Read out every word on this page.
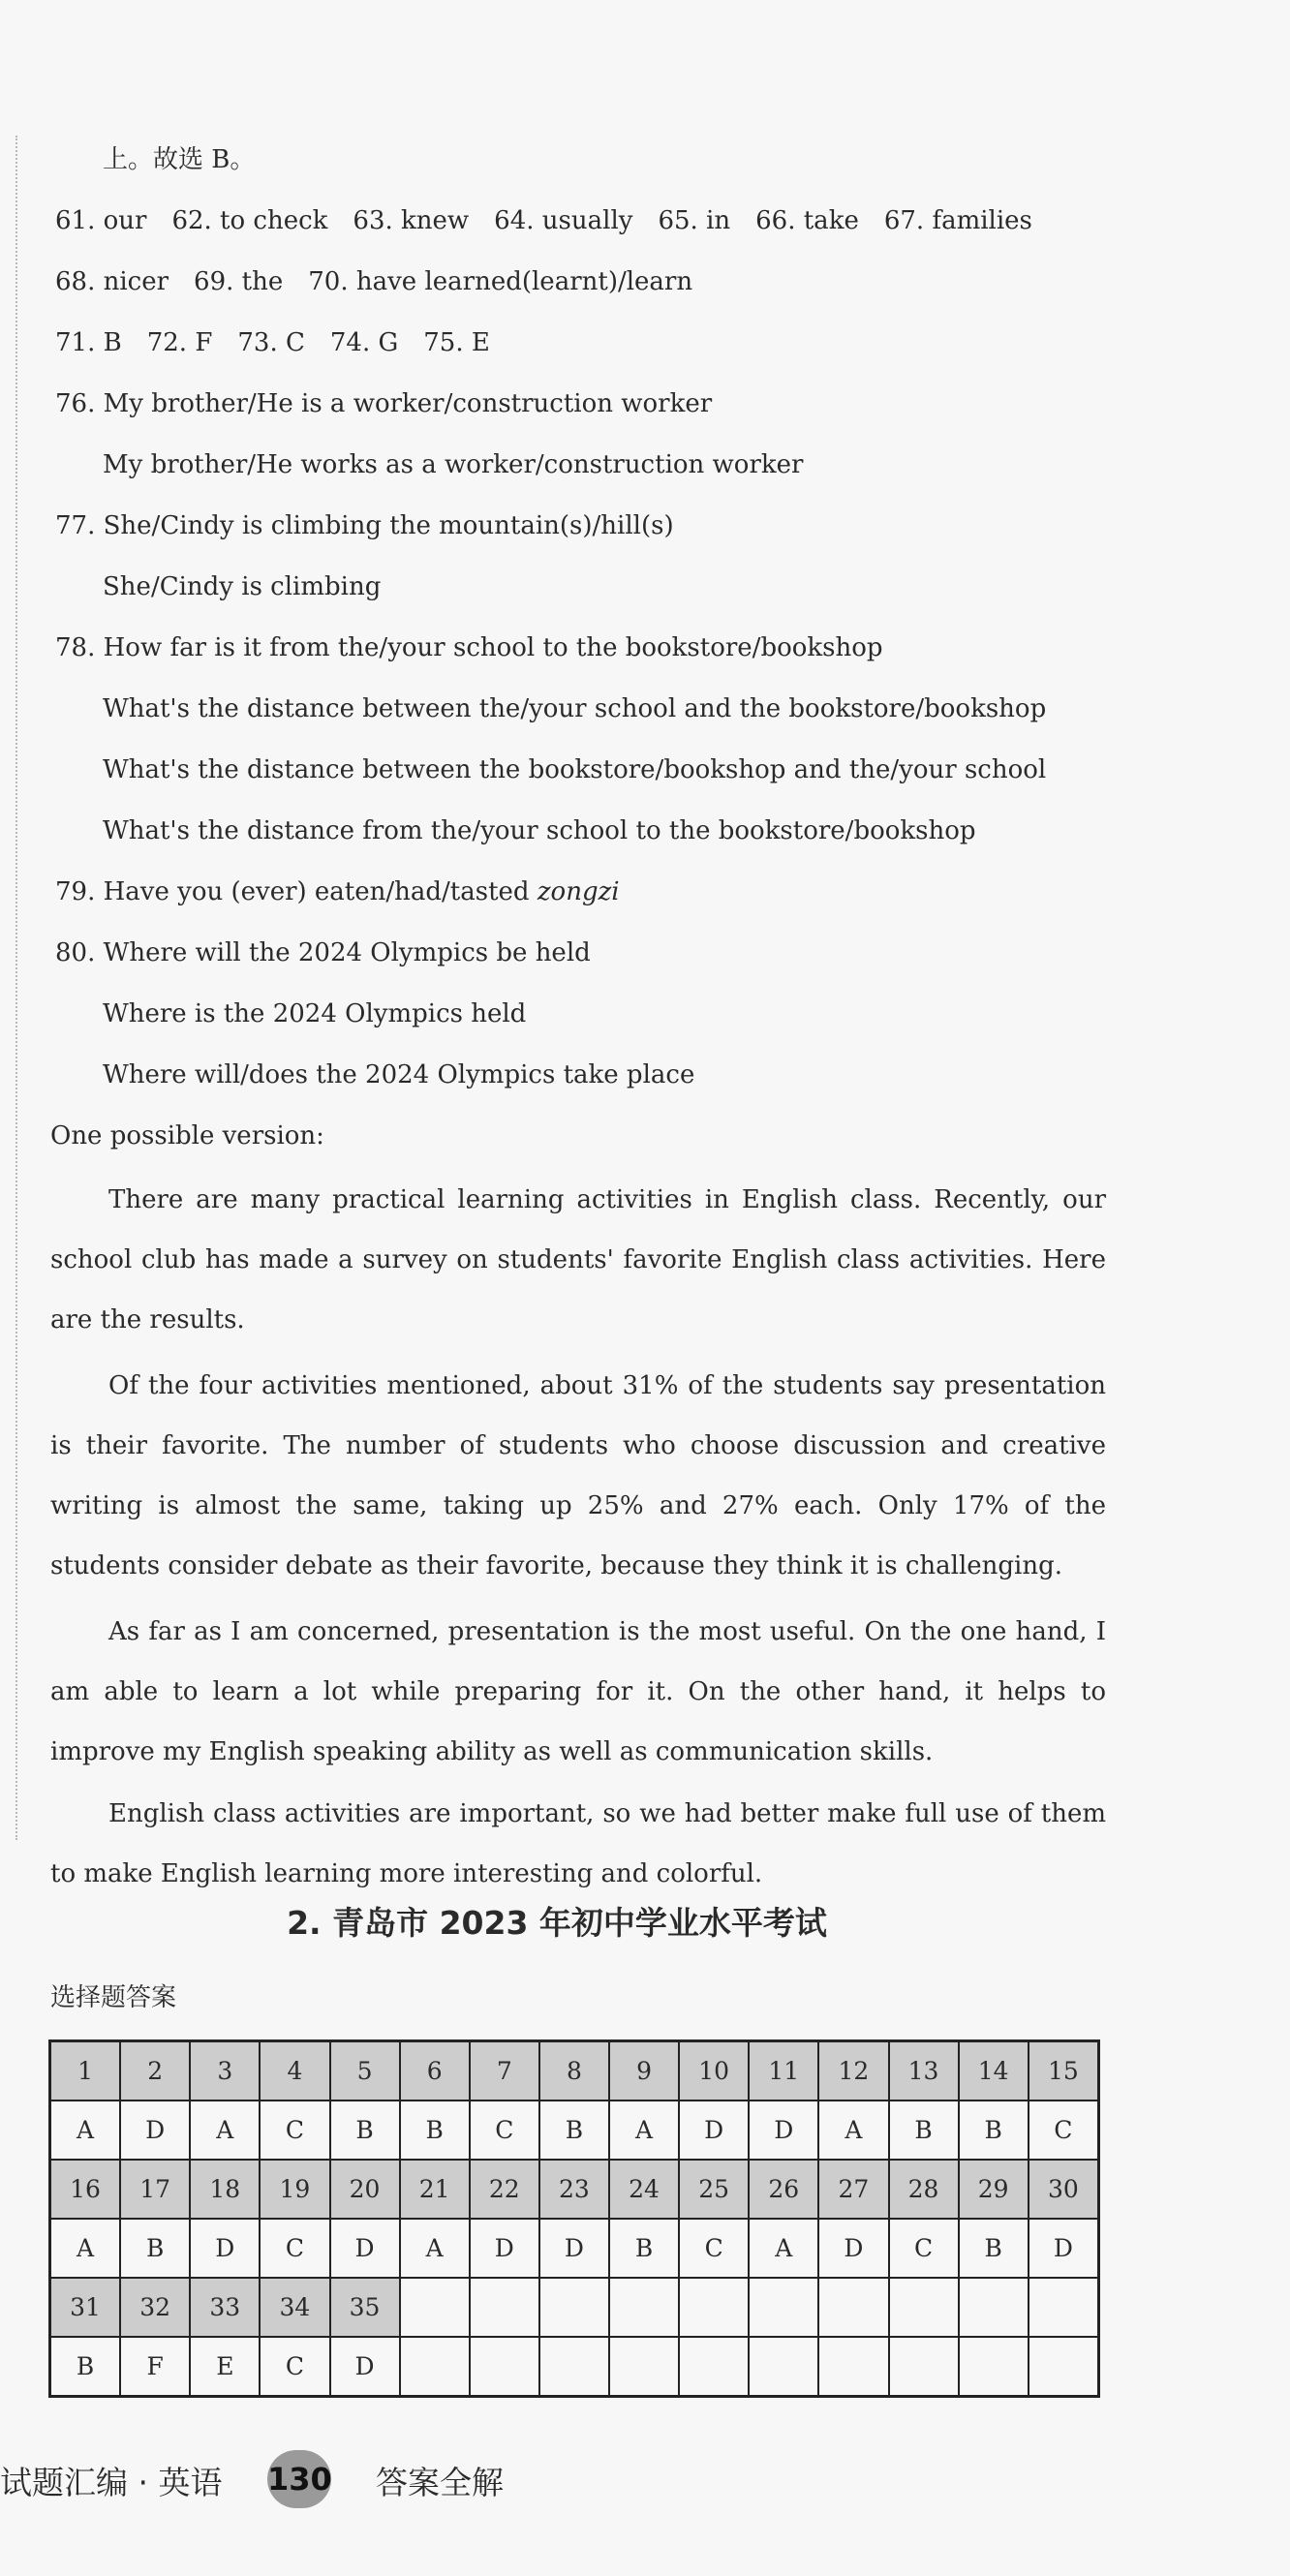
上。故选 B。
61. our　62. to check　63. knew　64. usually　65. in　66. take　67. families
68. nicer　69. the　70. have learned(learnt)/learn
71. B　72. F　73. C　74. G　75. E
76. My brother/He is a worker/construction worker
My brother/He works as a worker/construction worker
77. She/Cindy is climbing the mountain(s)/hill(s)
She/Cindy is climbing
78. How far is it from the/your school to the bookstore/bookshop
What's the distance between the/your school and the bookstore/bookshop
What's the distance between the bookstore/bookshop and the/your school
What's the distance from the/your school to the bookstore/bookshop
79. Have you (ever) eaten/had/tasted zongzi
80. Where will the 2024 Olympics be held
Where is the 2024 Olympics held
Where will/does the 2024 Olympics take place
One possible version:
There are many practical learning activities in English class. Recently, our school club has made a survey on students' favorite English class activities. Here are the results.
Of the four activities mentioned, about 31% of the students say presentation is their favorite. The number of students who choose discussion and creative writing is almost the same, taking up 25% and 27% each. Only 17% of the students consider debate as their favorite, because they think it is challenging.
As far as I am concerned, presentation is the most useful. On the one hand, I am able to learn a lot while preparing for it. On the other hand, it helps to improve my English speaking ability as well as communication skills.
English class activities are important, so we had better make full use of them to make English learning more interesting and colorful.
2. 青岛市 2023 年初中学业水平考试
选择题答案
1	2	3	4	5	6	7	8	9	10	11	12	13	14	15
A	D	A	C	B	B	C	B	A	D	D	A	B	B	C
16	17	18	19	20	21	22	23	24	25	26	27	28	29	30
A	B	D	C	D	A	D	D	B	C	A	D	C	B	D
31	32	33	34	35										
B	F	E	C	D										
试题汇编 · 英语 130 答案全解
